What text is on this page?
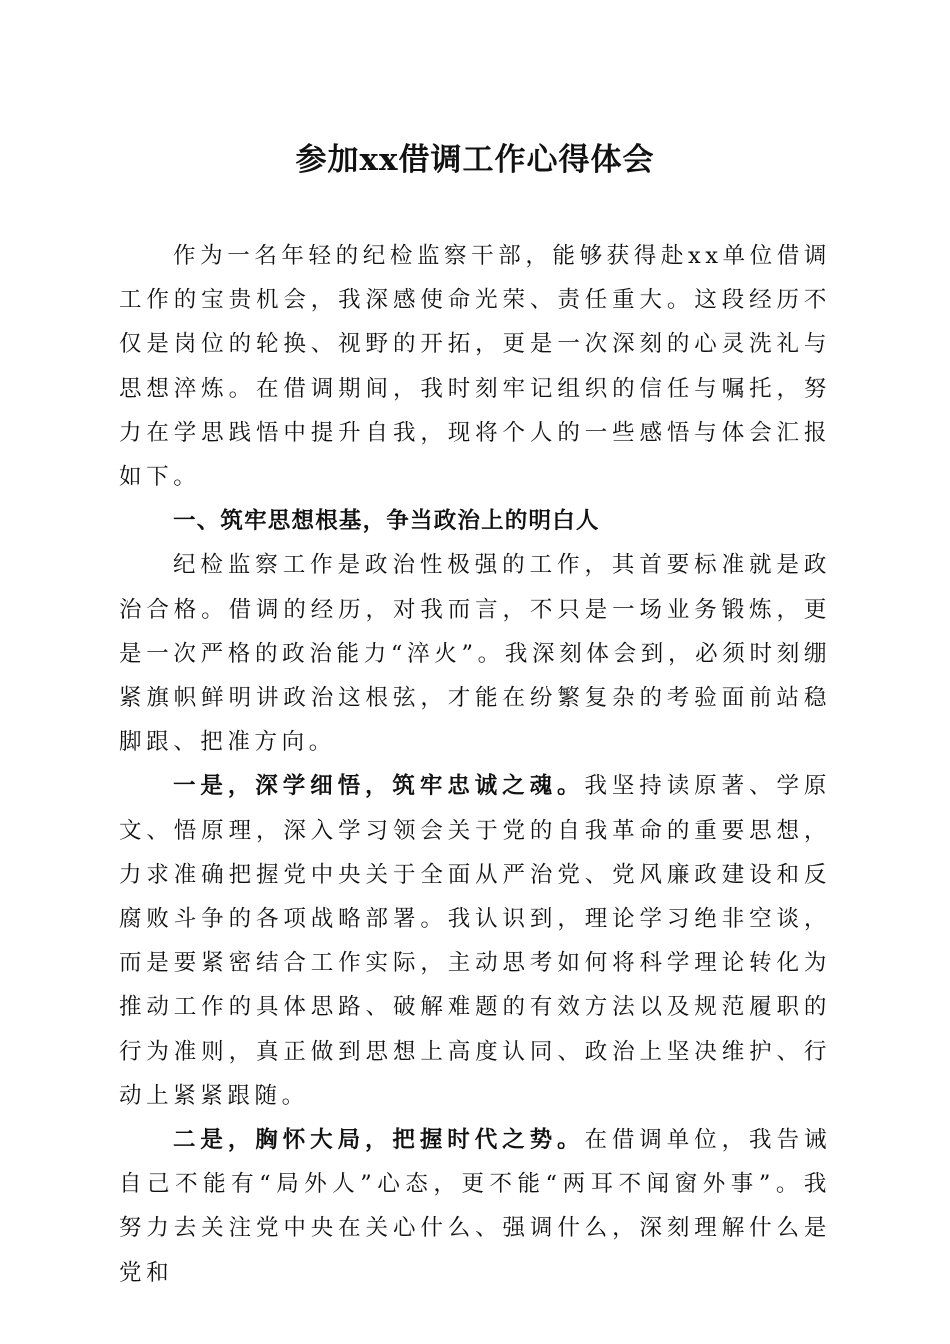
参加xx借调工作心得体会

作为一名年轻的纪检监察干部，能够获得赴xx单位借调工作的宝贵机会，我深感使命光荣、责任重大。这段经历不仅是岗位的轮换、视野的开拓，更是一次深刻的心灵洗礼与思想淬炼。在借调期间，我时刻牢记组织的信任与嘱托，努力在学思践悟中提升自我，现将个人的一些感悟与体会汇报如下。

一、筑牢思想根基，争当政治上的明白人

纪检监察工作是政治性极强的工作，其首要标准就是政治合格。借调的经历，对我而言，不只是一场业务锻炼，更是一次严格的政治能力“淬火”。我深刻体会到，必须时刻绷紧旗帜鲜明讲政治这根弦，才能在纷繁复杂的考验面前站稳脚跟、把准方向。

一是，深学细悟，筑牢忠诚之魂。我坚持读原著、学原文、悟原理，深入学习领会关于党的自我革命的重要思想，力求准确把握党中央关于全面从严治党、党风廉政建设和反腐败斗争的各项战略部署。我认识到，理论学习绝非空谈，而是要紧密结合工作实际，主动思考如何将科学理论转化为推动工作的具体思路、破解难题的有效方法以及规范履职的行为准则，真正做到思想上高度认同、政治上坚决维护、行动上紧紧跟随。

二是，胸怀大局，把握时代之势。在借调单位，我告诫自己不能有“局外人”心态，更不能“两耳不闻窗外事”。我努力去关注党中央在关心什么、强调什么，深刻理解什么是党和
